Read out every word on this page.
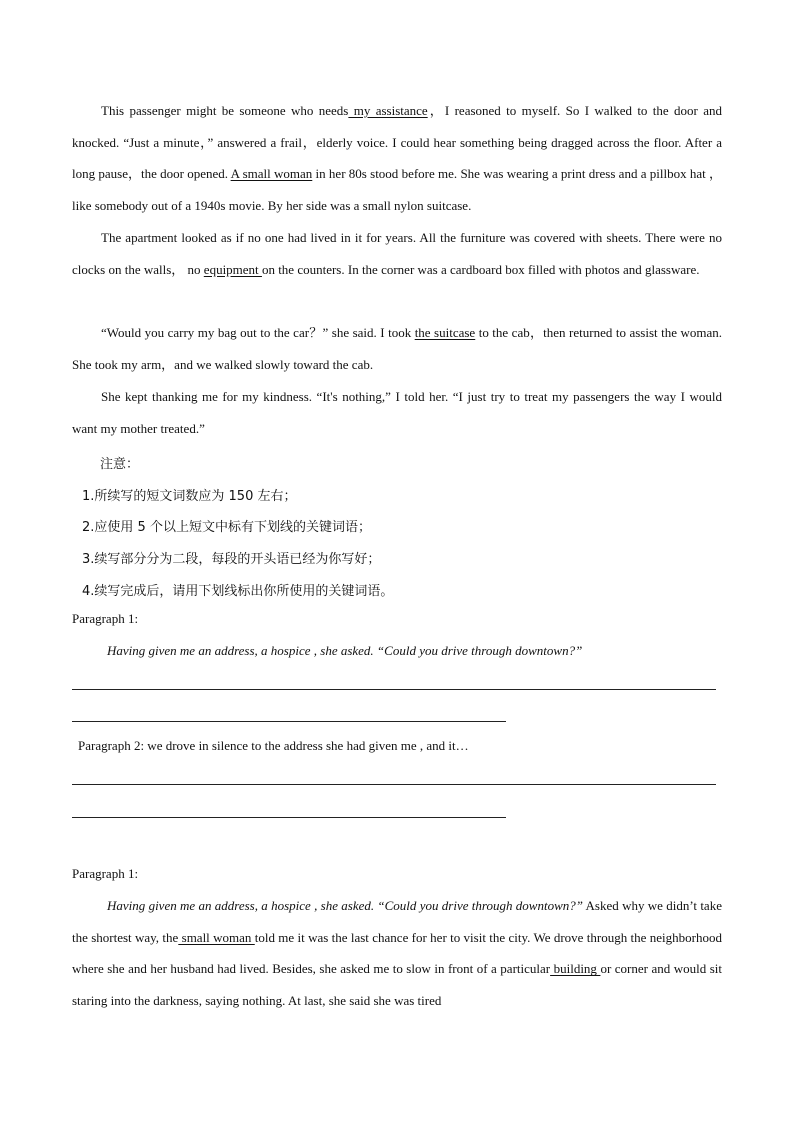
This passenger might be someone who needs my assistance，I reasoned to myself. So I walked to the door and knocked. “Just a minute，” answered a frail，elderly voice. I could hear something being dragged across the floor. After a long pause，the door opened. A small woman in her 80s stood before me. She was wearing a print dress and a pillbox hat ，like somebody out of a 1940s movie. By her side was a small nylon suitcase.

The apartment looked as if no one had lived in it for years. All the furniture was covered with sheets. There were no clocks on the walls， no equipment on the counters. In the corner was a cardboard box filled with photos and glassware.

“Would you carry my bag out to the car？” she said. I took the suitcase to the cab，then returned to assist the woman. She took my arm，and we walked slowly toward the cab.

She kept thanking me for my kindness. “It's nothing,” I told her. “I just try to treat my passengers the way I would want my mother treated.”

注意：
1.所续写的短文词数应为 150 左右；
2.应使用 5 个以上短文中标有下划线的关键词语；
3.续写部分分为二段，每段的开头语已经为你写好；
4.续写完成后，请用下划线标出你所使用的关键词语。
Paragraph 1:
Having given me an address, a hospice , she asked. “Could you drive through downtown?”
Paragraph 2: we drove in silence to the address she had given me , and it…
Paragraph 1:

Having given me an address, a hospice , she asked. “Could you drive through downtown?” Asked why we didn’t take the shortest way, the small woman told me it was the last chance for her to visit the city. We drove through the neighborhood where she and her husband had lived. Besides, she asked me to slow in front of a particular building or corner and would sit staring into the darkness, saying nothing. At last, she said she was tired
